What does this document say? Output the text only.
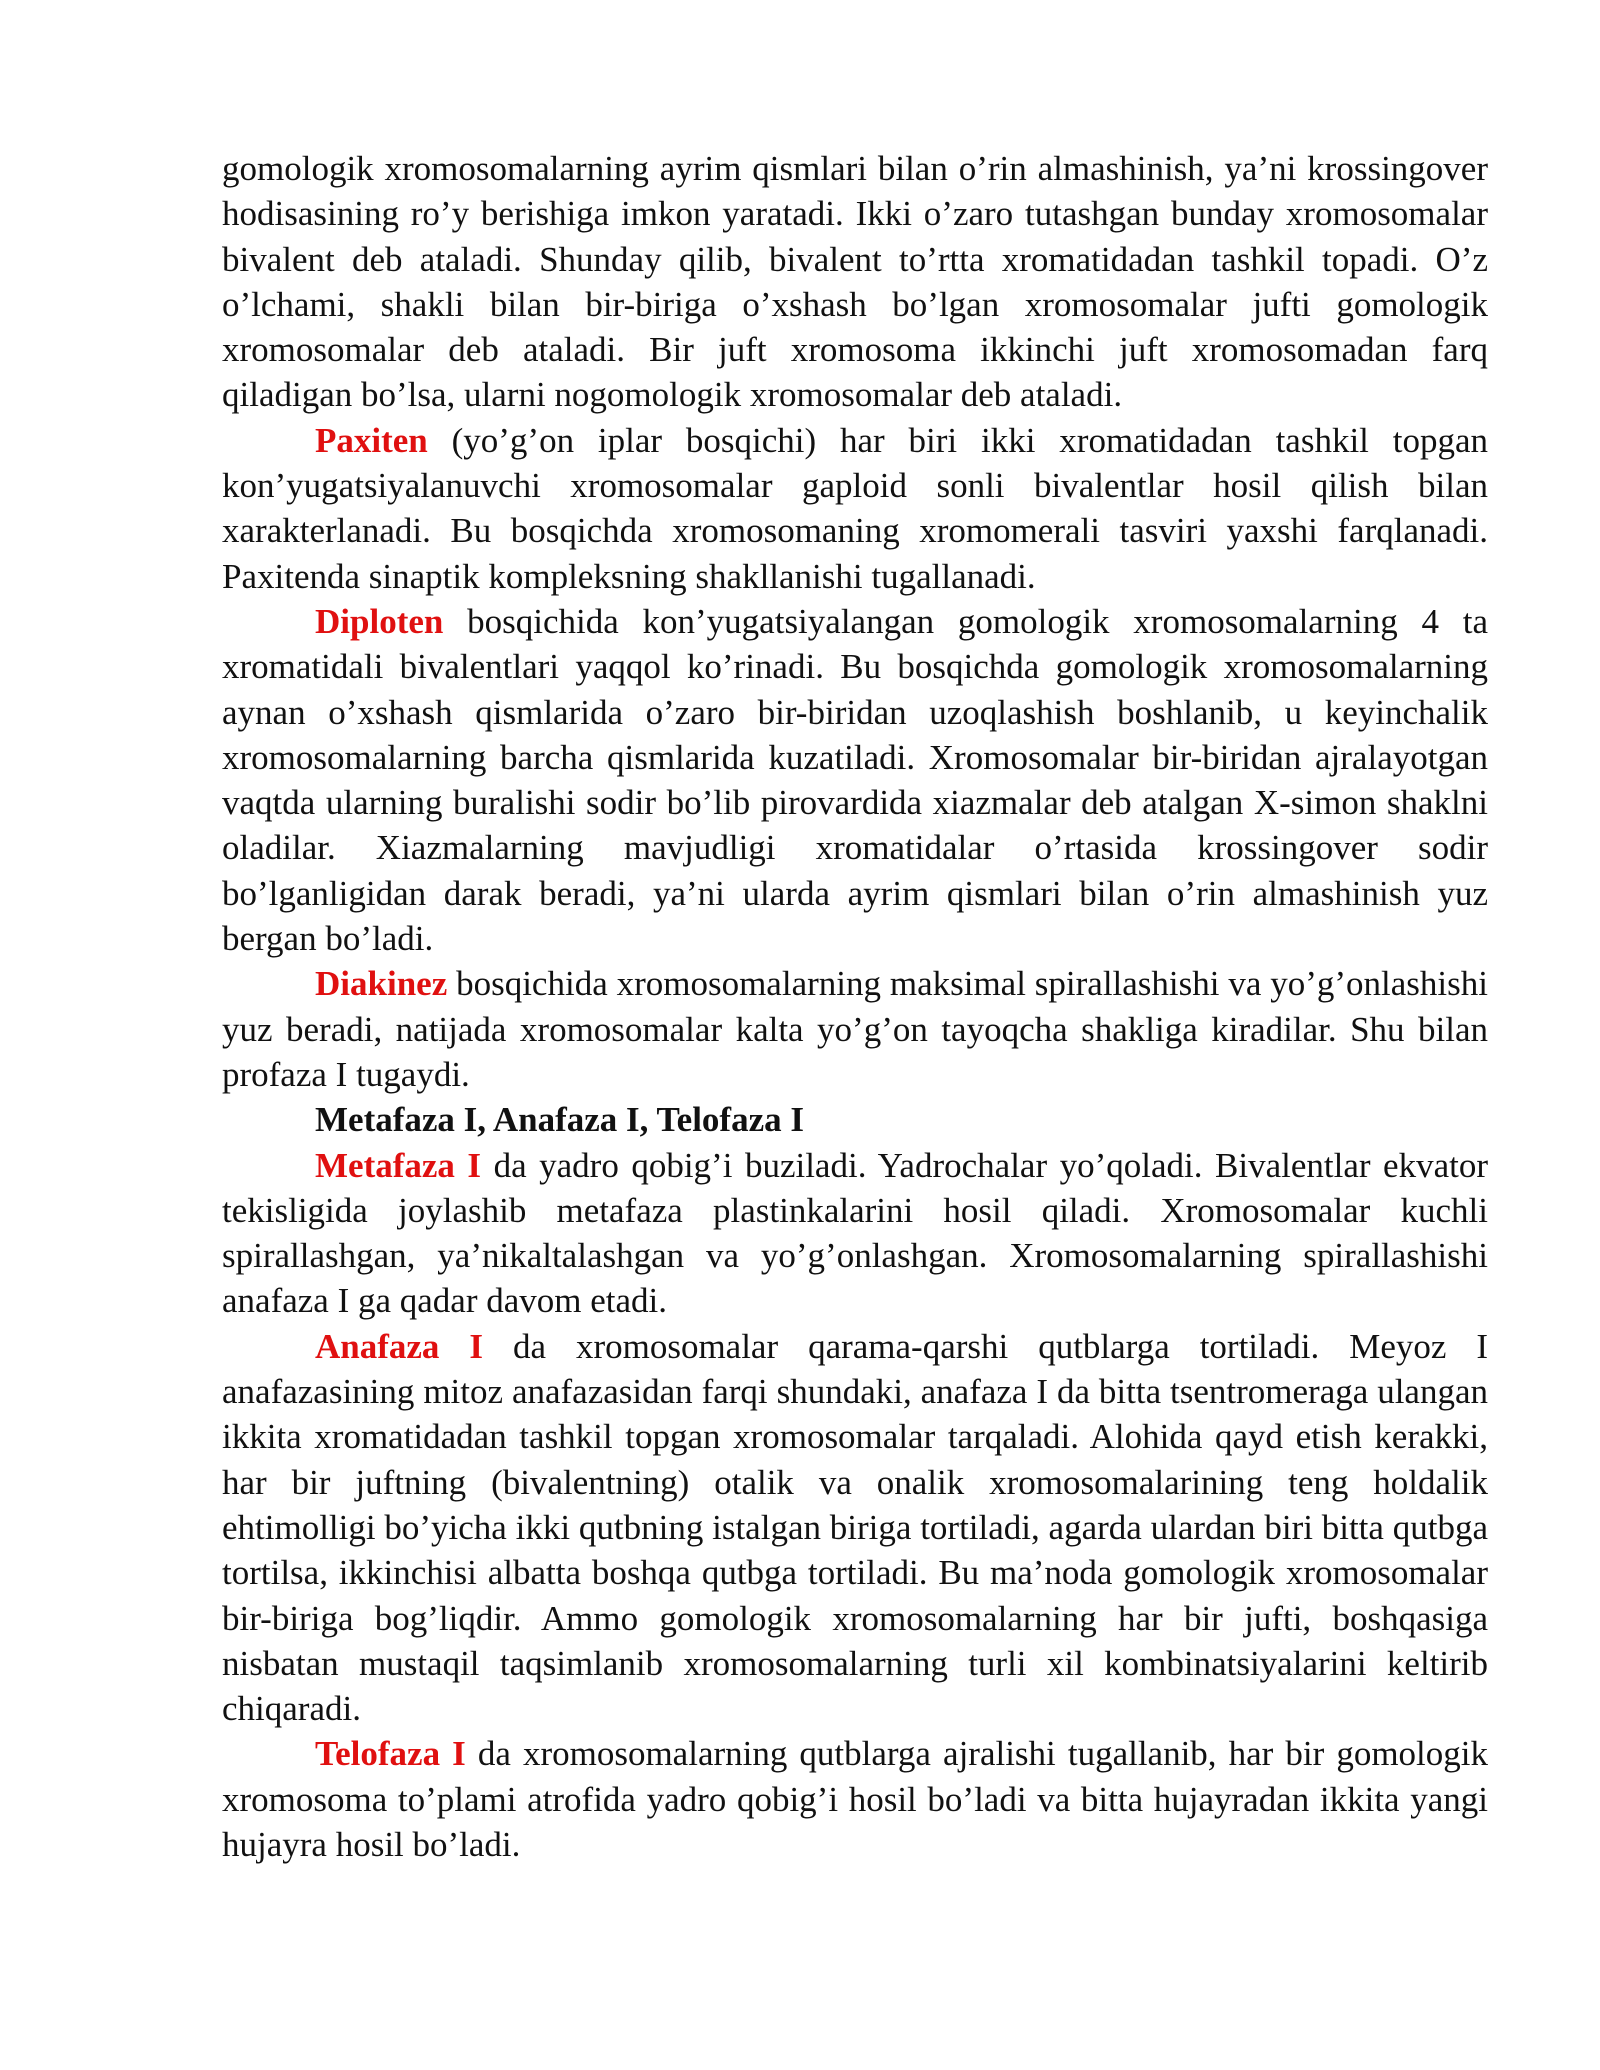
gomologik xromosomalarning ayrim qismlari bilan o’rin almashinish, ya’ni krossingover hodisasining ro’y berishiga imkon yaratadi. Ikki o’zaro tutashgan bunday xromosomalar bivalent deb ataladi. Shunday qilib, bivalent to’rtta xromatidadan tashkil topadi. O’z o’lchami, shakli bilan bir-biriga o’xshash bo’lgan xromosomalar jufti gomologik xromosomalar deb ataladi. Bir juft xromosoma ikkinchi juft xromosomadan farq qiladigan bo’lsa, ularni nogomologik xromosomalar deb ataladi.

Paxiten (yo’g’on iplar bosqichi) har biri ikki xromatidadan tashkil topgan kon’yugatsiyalanuvchi xromosomalar gaploid sonli bivalentlar hosil qilish bilan xarakterlanadi. Bu bosqichda xromosomaning xromomerali tasviri yaxshi farqlanadi. Paxitenda sinaptik kompleksning shakllanishi tugallanadi.

Diploten bosqichida kon’yugatsiyalangan gomologik xromosomalarning 4 ta xromatidali bivalentlari yaqqol ko’rinadi. Bu bosqichda gomologik xromosomalarning aynan o’xshash qismlarida o’zaro bir-biridan uzoqlashish boshlanib, u keyinchalik xromosomalarning barcha qismlarida kuzatiladi. Xromosomalar bir-biridan ajralayotgan vaqtda ularning buralishi sodir bo’lib pirovardida xiazmalar deb atalgan X-simon shaklni oladilar. Xiazmalarning mavjudligi xromatidalar o’rtasida krossingover sodir bo’lganligidan darak beradi, ya’ni ularda ayrim qismlari bilan o’rin almashinish yuz bergan bo’ladi.

Diakinez bosqichida xromosomalarning maksimal spirallashishi va yo’g’onlashishi yuz beradi, natijada xromosomalar kalta yo’g’on tayoqcha shakliga kiradilar. Shu bilan profaza I tugaydi.

Metafaza I, Anafaza I, Telofaza I

Metafaza I da yadro qobig’i buziladi. Yadrochalar yo’qoladi. Bivalentlar ekvator tekisligida joylashib metafaza plastinkalarini hosil qiladi. Xromosomalar kuchli spirallashgan, ya’nikaltalashgan va yo’g’onlashgan. Xromosomalarning spirallashishi anafaza I ga qadar davom etadi.

Anafaza I da xromosomalar qarama-qarshi qutblarga tortiladi. Meyoz I anafazasining mitoz anafazasidan farqi shundaki, anafaza I da bitta tsentromeraga ulangan ikkita xromatidadan tashkil topgan xromosomalar tarqaladi. Alohida qayd etish kerakki, har bir juftning (bivalentning) otalik va onalik xromosomalarining teng holdalik ehtimolligi bo’yicha ikki qutbning istalgan biriga tortiladi, agarda ulardan biri bitta qutbga tortilsa, ikkinchisi albatta boshqa qutbga tortiladi. Bu ma’noda gomologik xromosomalar bir-biriga bog’liqdir. Ammo gomologik xromosomalarning har bir jufti, boshqasiga nisbatan mustaqil taqsimlanib xromosomalarning turli xil kombinatsiyalarini keltirib chiqaradi.

Telofaza I da xromosomalarning qutblarga ajralishi tugallanib, har bir gomologik xromosoma to’plami atrofida yadro qobig’i hosil bo’ladi va bitta hujayradan ikkita yangi hujayra hosil bo’ladi.
